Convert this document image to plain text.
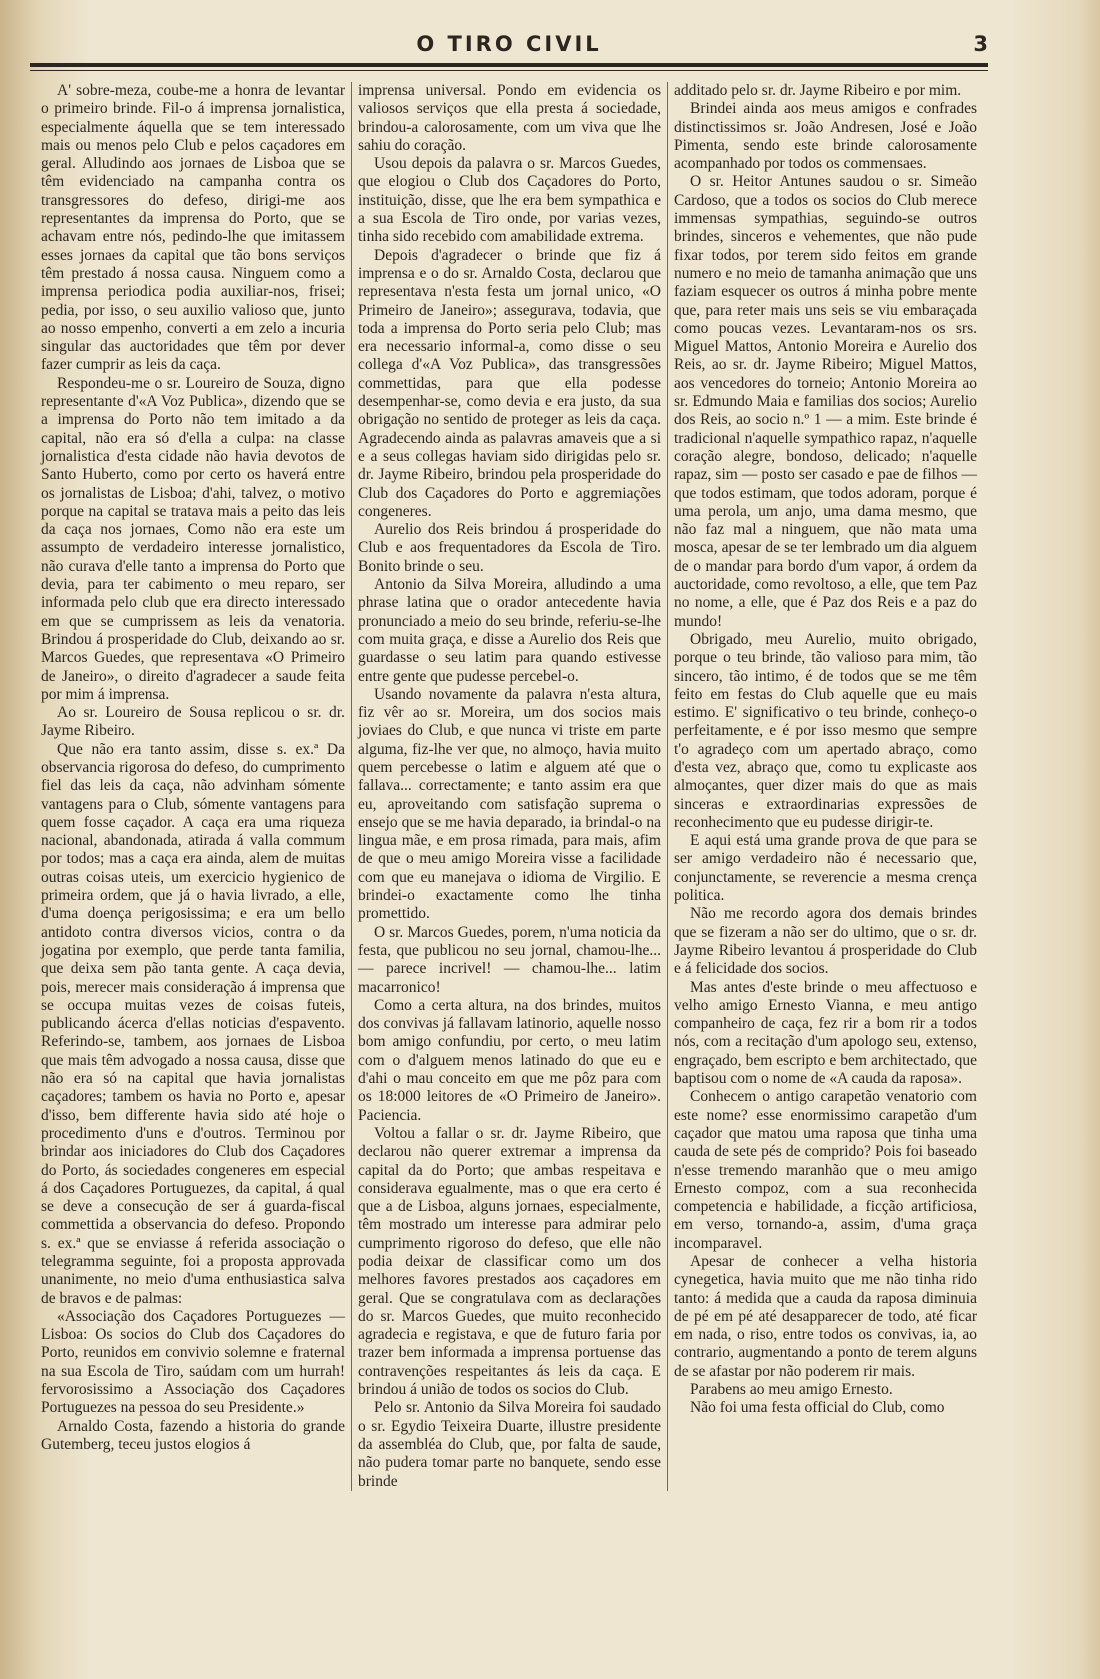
O TIRO CIVIL	3

A' sobre-meza, coube-me a honra de levantar o primeiro brinde. Fil-o á imprensa jornalistica, especialmente áquella que se tem interessado mais ou menos pelo Club e pelos caçadores em geral. Alludindo aos jornaes de Lisboa que se têm evidenciado na campanha contra os transgressores do defeso, dirigi-me aos representantes da imprensa do Porto, que se achavam entre nós, pedindo-lhe que imitassem esses jornaes da capital que tão bons serviços têm prestado á nossa causa. Ninguem como a imprensa periodica podia auxiliar-nos, frisei; pedia, por isso, o seu auxilio valioso que, junto ao nosso empenho, converti a em zelo a incuria singular das auctoridades que têm por dever fazer cumprir as leis da caça.

Respondeu-me o sr. Loureiro de Souza, digno representante d'«A Voz Publica», dizendo que se a imprensa do Porto não tem imitado a da capital, não era só d'ella a culpa: na classe jornalistica d'esta cidade não havia devotos de Santo Huberto, como por certo os haverá entre os jornalistas de Lisboa; d'ahi, talvez, o motivo porque na capital se tratava mais a peito das leis da caça nos jornaes, Como não era este um assumpto de verdadeiro interesse jornalistico, não curava d'elle tanto a imprensa do Porto que devia, para ter cabimento o meu reparo, ser informada pelo club que era directo interessado em que se cumprissem as leis da venatoria. Brindou á prosperidade do Club, deixando ao sr. Marcos Guedes, que representava «O Primeiro de Janeiro», o direito d'agradecer a saude feita por mim á imprensa.

Ao sr. Loureiro de Sousa replicou o sr. dr. Jayme Ribeiro.

Que não era tanto assim, disse s. ex.ª Da observancia rigorosa do defeso, do cumprimento fiel das leis da caça, não advinham sómente vantagens para o Club, sómente vantagens para quem fosse caçador. A caça era uma riqueza nacional, abandonada, atirada á valla commum por todos; mas a caça era ainda, alem de muitas outras coisas uteis, um exercicio hygienico de primeira ordem, que já o havia livrado, a elle, d'uma doença perigosissima; e era um bello antidoto contra diversos vicios, contra o da jogatina por exemplo, que perde tanta familia, que deixa sem pão tanta gente. A caça devia, pois, merecer mais consideração á imprensa que se occupa muitas vezes de coisas futeis, publicando ácerca d'ellas noticias d'espavento. Referindo-se, tambem, aos jornaes de Lisboa que mais têm advogado a nossa causa, disse que não era só na capital que havia jornalistas caçadores; tambem os havia no Porto e, apesar d'isso, bem differente havia sido até hoje o procedimento d'uns e d'outros. Terminou por brindar aos iniciadores do Club dos Caçadores do Porto, ás sociedades congeneres em especial á dos Caçadores Portuguezes, da capital, á qual se deve a consecução de ser á guarda-fiscal commettida a observancia do defeso. Propondo s. ex.ª que se enviasse á referida associação o telegramma seguinte, foi a proposta approvada unanimente, no meio d'uma enthusiastica salva de bravos e de palmas:

«Associação dos Caçadores Portuguezes — Lisboa: Os socios do Club dos Caçadores do Porto, reunidos em convivio solemne e fraternal na sua Escola de Tiro, saúdam com um hurrah! fervorosissimo a Associação dos Caçadores Portuguezes na pessoa do seu Presidente.»

Arnaldo Costa, fazendo a historia do grande Gutemberg, teceu justos elogios á

imprensa universal. Pondo em evidencia os valiosos serviços que ella presta á sociedade, brindou-a calorosamente, com um viva que lhe sahiu do coração.

Usou depois da palavra o sr. Marcos Guedes, que elogiou o Club dos Caçadores do Porto, instituição, disse, que lhe era bem sympathica e a sua Escola de Tiro onde, por varias vezes, tinha sido recebido com amabilidade extrema.

Depois d'agradecer o brinde que fiz á imprensa e o do sr. Arnaldo Costa, declarou que representava n'esta festa um jornal unico, «O Primeiro de Janeiro»; assegurava, todavia, que toda a imprensa do Porto seria pelo Club; mas era necessario informal-a, como disse o seu collega d'«A Voz Publica», das transgressões commettidas, para que ella podesse desempenhar-se, como devia e era justo, da sua obrigação no sentido de proteger as leis da caça. Agradecendo ainda as palavras amaveis que a si e a seus collegas haviam sido dirigidas pelo sr. dr. Jayme Ribeiro, brindou pela prosperidade do Club dos Caçadores do Porto e aggremiações congeneres.

Aurelio dos Reis brindou á prosperidade do Club e aos frequentadores da Escola de Tiro. Bonito brinde o seu.

Antonio da Silva Moreira, alludindo a uma phrase latina que o orador antecedente havia pronunciado a meio do seu brinde, referiu-se-lhe com muita graça, e disse a Aurelio dos Reis que guardasse o seu latim para quando estivesse entre gente que pudesse percebel-o.

Usando novamente da palavra n'esta altura, fiz vêr ao sr. Moreira, um dos socios mais joviaes do Club, e que nunca vi triste em parte alguma, fiz-lhe ver que, no almoço, havia muito quem percebesse o latim e alguem até que o fallava... correctamente; e tanto assim era que eu, aproveitando com satisfação suprema o ensejo que se me havia deparado, ia brindal-o na lingua mãe, e em prosa rimada, para mais, afim de que o meu amigo Moreira visse a facilidade com que eu manejava o idioma de Virgilio. E brindei-o exactamente como lhe tinha promettido.

O sr. Marcos Guedes, porem, n'uma noticia da festa, que publicou no seu jornal, chamou-lhe... — parece incrivel! — chamou-lhe... latim macarronico!

Como a certa altura, na dos brindes, muitos dos convivas já fallavam latinorio, aquelle nosso bom amigo confundiu, por certo, o meu latim com o d'alguem menos latinado do que eu e d'ahi o mau conceito em que me pôz para com os 18:000 leitores de «O Primeiro de Janeiro». Paciencia.

Voltou a fallar o sr. dr. Jayme Ribeiro, que declarou não querer extremar a imprensa da capital da do Porto; que ambas respeitava e considerava egualmente, mas o que era certo é que a de Lisboa, alguns jornaes, especialmente, têm mostrado um interesse para admirar pelo cumprimento rigoroso do defeso, que elle não podia deixar de classificar como um dos melhores favores prestados aos caçadores em geral. Que se congratulava com as declarações do sr. Marcos Guedes, que muito reconhecido agradecia e registava, e que de futuro faria por trazer bem informada a imprensa portuense das contravenções respeitantes ás leis da caça. E brindou á união de todos os socios do Club.

Pelo sr. Antonio da Silva Moreira foi saudado o sr. Egydio Teixeira Duarte, illustre presidente da assembléa do Club, que, por falta de saude, não pudera tomar parte no banquete, sendo esse brinde

additado pelo sr. dr. Jayme Ribeiro e por mim.

Brindei ainda aos meus amigos e confrades distinctissimos sr. João Andresen, José e João Pimenta, sendo este brinde calorosamente acompanhado por todos os commensaes.

O sr. Heitor Antunes saudou o sr. Simeão Cardoso, que a todos os socios do Club merece immensas sympathias, seguindo-se outros brindes, sinceros e vehementes, que não pude fixar todos, por terem sido feitos em grande numero e no meio de tamanha animação que uns faziam esquecer os outros á minha pobre mente que, para reter mais uns seis se viu embaraçada como poucas vezes. Levantaram-nos os srs. Miguel Mattos, Antonio Moreira e Aurelio dos Reis, ao sr. dr. Jayme Ribeiro; Miguel Mattos, aos vencedores do torneio; Antonio Moreira ao sr. Edmundo Maia e familias dos socios; Aurelio dos Reis, ao socio n.º 1 — a mim. Este brinde é tradicional n'aquelle sympathico rapaz, n'aquelle coração alegre, bondoso, delicado; n'aquelle rapaz, sim — posto ser casado e pae de filhos — que todos estimam, que todos adoram, porque é uma perola, um anjo, uma dama mesmo, que não faz mal a ninguem, que não mata uma mosca, apesar de se ter lembrado um dia alguem de o mandar para bordo d'um vapor, á ordem da auctoridade, como revoltoso, a elle, que tem Paz no nome, a elle, que é Paz dos Reis e a paz do mundo!

Obrigado, meu Aurelio, muito obrigado, porque o teu brinde, tão valioso para mim, tão sincero, tão intimo, é de todos que se me têm feito em festas do Club aquelle que eu mais estimo. E' significativo o teu brinde, conheço-o perfeitamente, e é por isso mesmo que sempre t'o agradeço com um apertado abraço, como d'esta vez, abraço que, como tu explicaste aos almoçantes, quer dizer mais do que as mais sinceras e extraordinarias expressões de reconhecimento que eu pudesse dirigir-te.

E aqui está uma grande prova de que para se ser amigo verdadeiro não é necessario que, conjunctamente, se reverencie a mesma crença politica.

Não me recordo agora dos demais brindes que se fizeram a não ser do ultimo, que o sr. dr. Jayme Ribeiro levantou á prosperidade do Club e á felicidade dos socios.

Mas antes d'este brinde o meu affectuoso e velho amigo Ernesto Vianna, e meu antigo companheiro de caça, fez rir a bom rir a todos nós, com a recitação d'um apologo seu, extenso, engraçado, bem escripto e bem architectado, que baptisou com o nome de «A cauda da raposa».

Conhecem o antigo carapetão venatorio com este nome? esse enormissimo carapetão d'um caçador que matou uma raposa que tinha uma cauda de sete pés de comprido? Pois foi baseado n'esse tremendo maranhão que o meu amigo Ernesto compoz, com a sua reconhecida competencia e habilidade, a ficção artificiosa, em verso, tornando-a, assim, d'uma graça incomparavel.

Apesar de conhecer a velha historia cynegetica, havia muito que me não tinha rido tanto: á medida que a cauda da raposa diminuia de pé em pé até desapparecer de todo, até ficar em nada, o riso, entre todos os convivas, ia, ao contrario, augmentando a ponto de terem alguns de se afastar por não poderem rir mais.

Parabens ao meu amigo Ernesto.

Não foi uma festa official do Club, como
